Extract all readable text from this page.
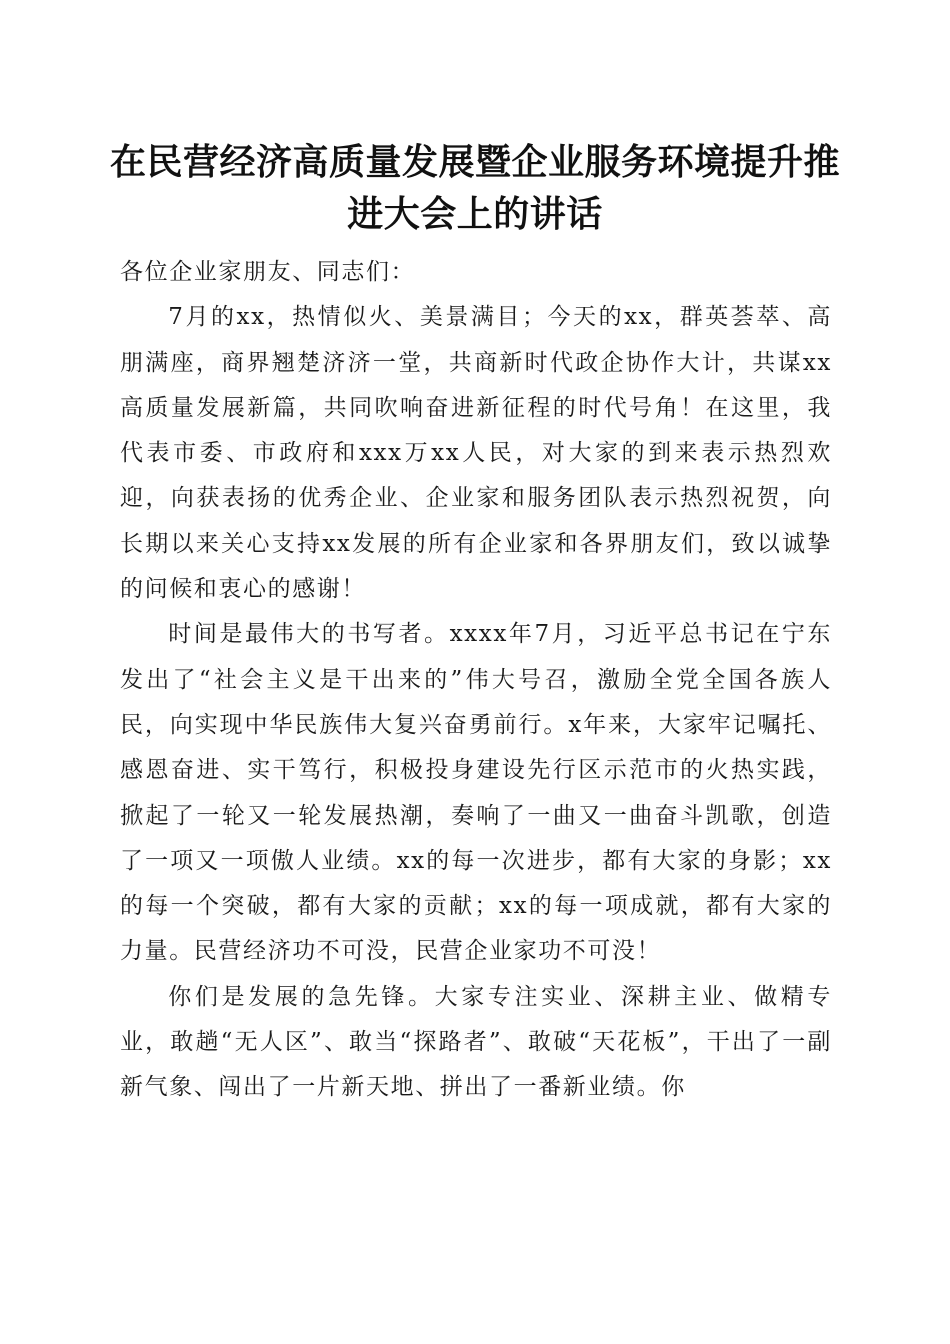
在民营经济高质量发展暨企业服务环境提升推进大会上的讲话

各位企业家朋友、同志们：

7月的xx，热情似火、美景满目；今天的xx，群英荟萃、高朋满座，商界翘楚济济一堂，共商新时代政企协作大计，共谋xx高质量发展新篇，共同吹响奋进新征程的时代号角！在这里，我代表市委、市政府和xxx万xx人民，对大家的到来表示热烈欢迎，向获表扬的优秀企业、企业家和服务团队表示热烈祝贺，向长期以来关心支持xx发展的所有企业家和各界朋友们，致以诚挚的问候和衷心的感谢！

时间是最伟大的书写者。xxxx年7月，习近平总书记在宁东发出了“社会主义是干出来的”伟大号召，激励全党全国各族人民，向实现中华民族伟大复兴奋勇前行。x年来，大家牢记嘱托、感恩奋进、实干笃行，积极投身建设先行区示范市的火热实践，掀起了一轮又一轮发展热潮，奏响了一曲又一曲奋斗凯歌，创造了一项又一项傲人业绩。xx的每一次进步，都有大家的身影；xx的每一个突破，都有大家的贡献；xx的每一项成就，都有大家的力量。民营经济功不可没，民营企业家功不可没！

你们是发展的急先锋。大家专注实业、深耕主业、做精专业，敢趟“无人区”、敢当“探路者”、敢破“天花板”，干出了一副新气象、闯出了一片新天地、拼出了一番新业绩。你
